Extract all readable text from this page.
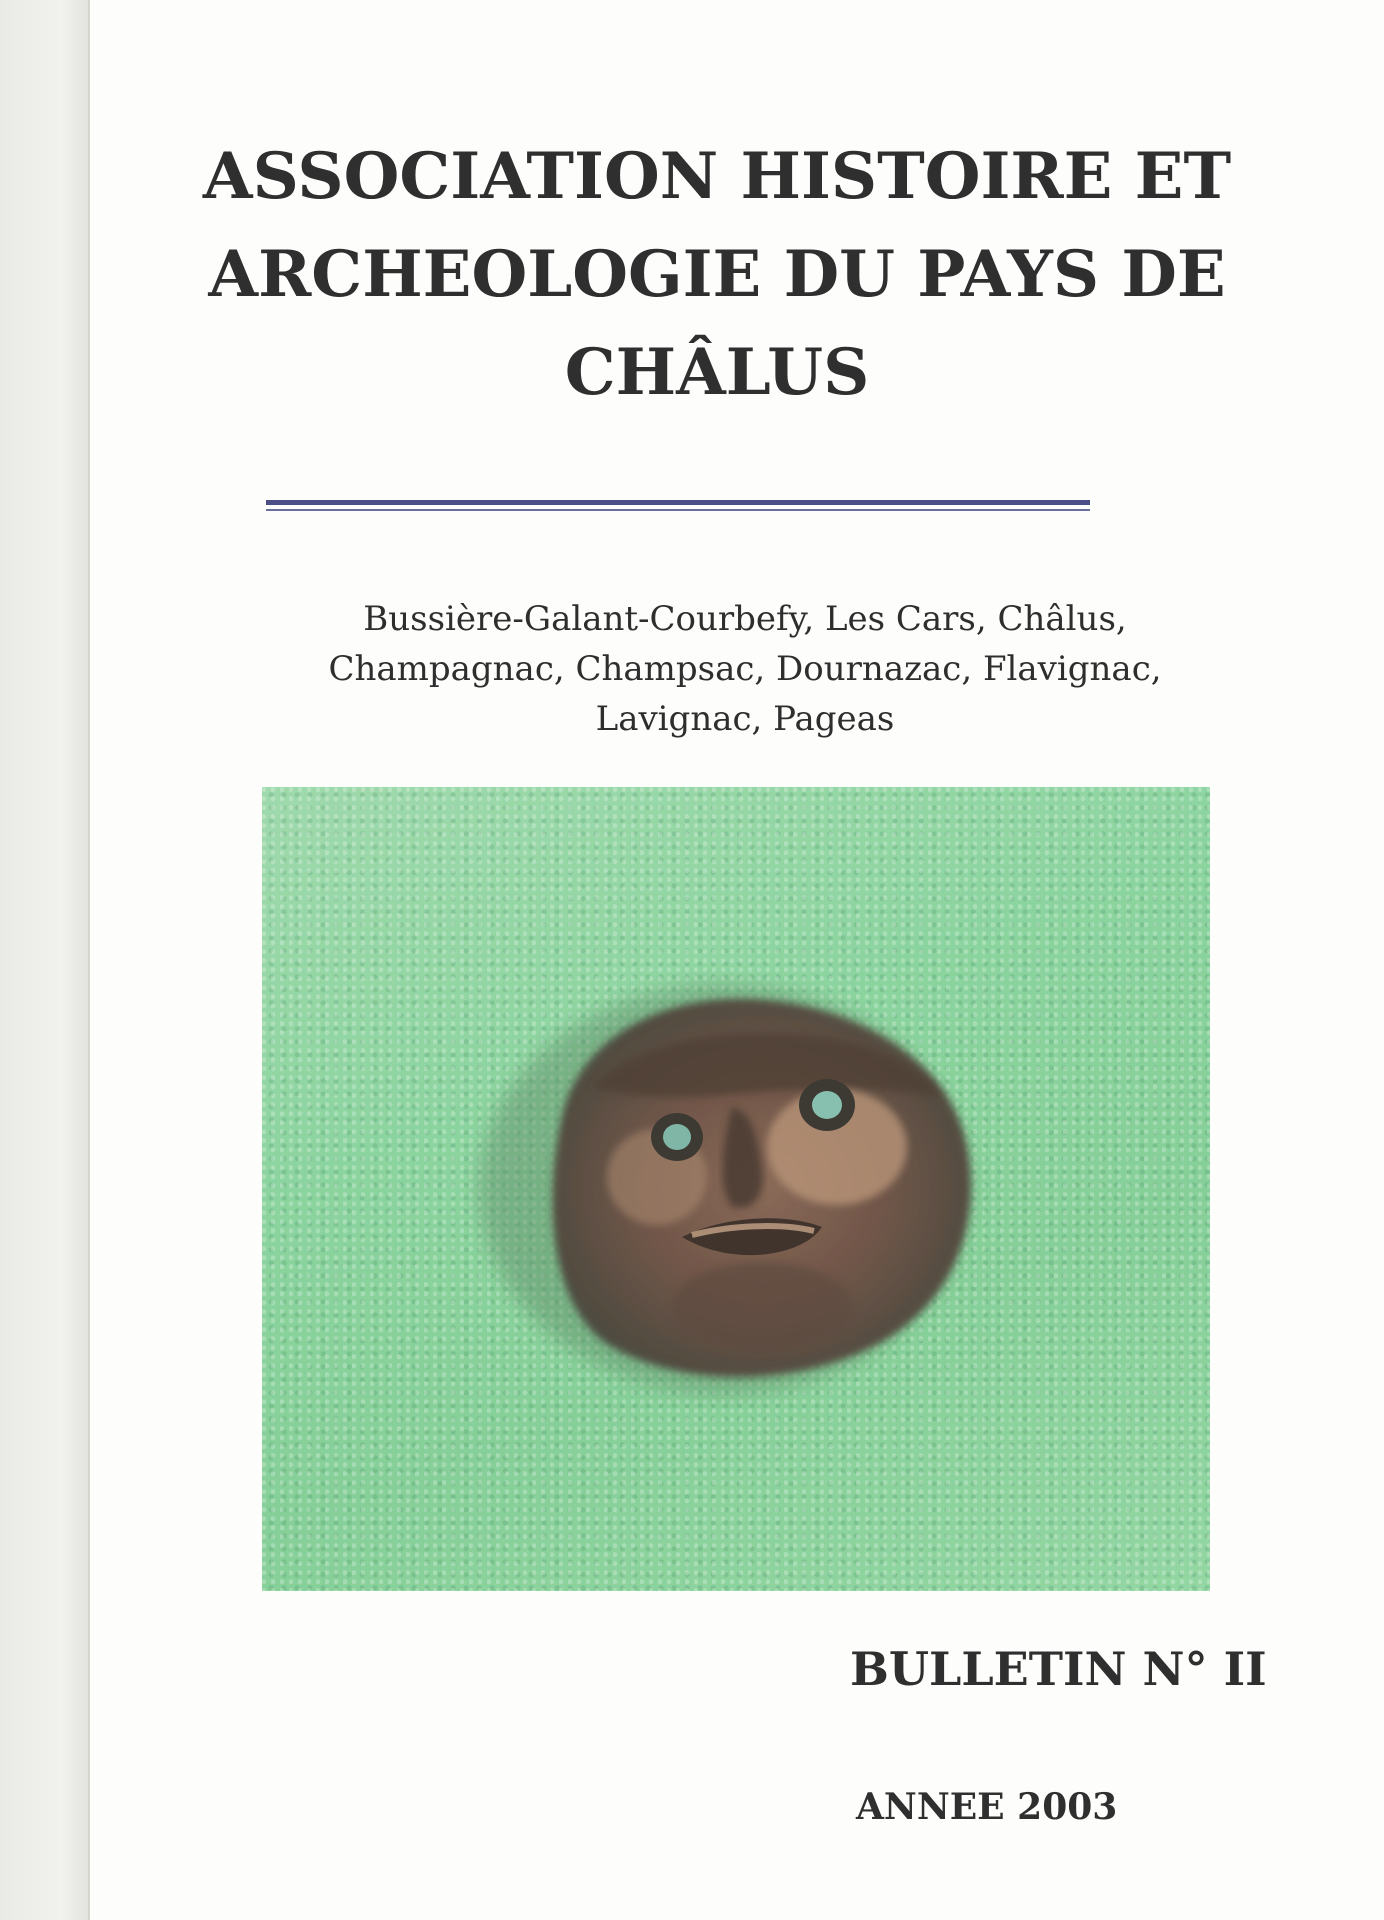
ASSOCIATION HISTOIRE ET
ARCHEOLOGIE DU PAYS DE
CHÂLUS
Bussière-Galant-Courbefy, Les Cars, Châlus,
Champagnac, Champsac, Dournazac, Flavignac,
Lavignac, Pageas
BULLETIN N° II
ANNEE 2003
